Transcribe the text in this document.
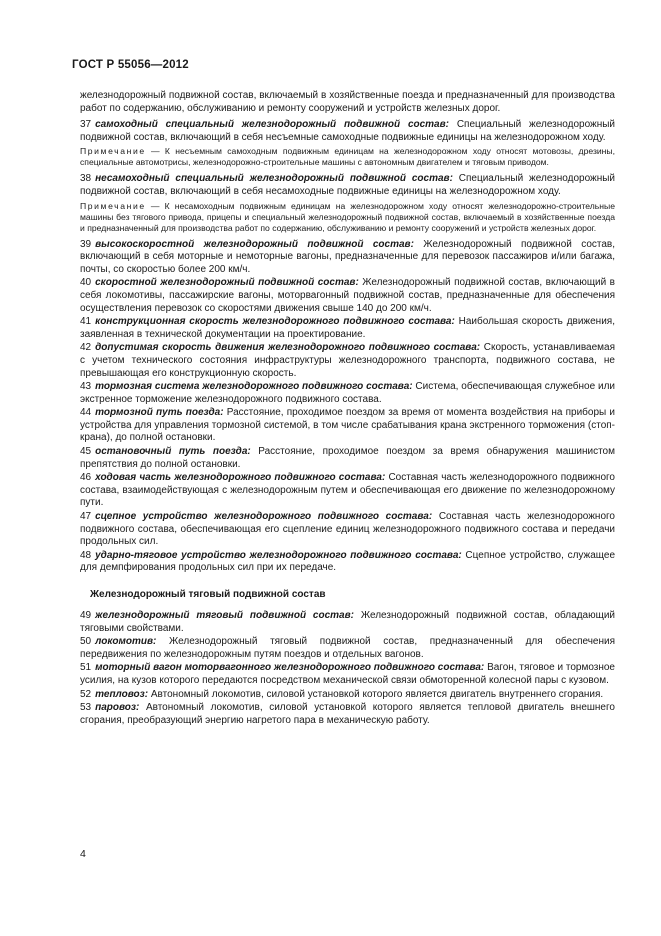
ГОСТ Р 55056—2012

железнодорожный подвижной состав, включаемый в хозяйственные поезда и предназначенный для производства работ по содержанию, обслуживанию и ремонту сооружений и устройств железных дорог.

37 самоходный специальный железнодорожный подвижной состав: Специальный железнодорожный подвижной состав, включающий в себя несъемные самоходные подвижные единицы на железнодорожном ходу.

Примечание — К несъемным самоходным подвижным единицам на железнодорожном ходу относят мотовозы, дрезины, специальные автомотрисы, железнодорожно-строительные машины с автономным двигателем и тяговым приводом.

38 несамоходный специальный железнодорожный подвижной состав: Специальный железнодорожный подвижной состав, включающий в себя несамоходные подвижные единицы на железнодорожном ходу.

Примечание — К несамоходным подвижным единицам на железнодорожном ходу относят железнодорожно-строительные машины без тягового привода, прицепы и специальный железнодорожный подвижной состав, включаемый в хозяйственные поезда и предназначенный для производства работ по содержанию, обслуживанию и ремонту сооружений и устройств железных дорог.

39 высокоскоростной железнодорожный подвижной состав: Железнодорожный подвижной состав, включающий в себя моторные и немоторные вагоны, предназначенные для перевозок пассажиров и/или багажа, почты, со скоростью более 200 км/ч.

40 скоростной железнодорожный подвижной состав: Железнодорожный подвижной состав, включающий в себя локомотивы, пассажирские вагоны, моторвагонный подвижной состав, предназначенные для обеспечения осуществления перевозок со скоростями движения свыше 140 до 200 км/ч.

41 конструкционная скорость железнодорожного подвижного состава: Наибольшая скорость движения, заявленная в технической документации на проектирование.

42 допустимая скорость движения железнодорожного подвижного состава: Скорость, устанавливаемая с учетом технического состояния инфраструктуры железнодорожного транспорта, подвижного состава, не превышающая его конструкционную скорость.

43 тормозная система железнодорожного подвижного состава: Система, обеспечивающая служебное или экстренное торможение железнодорожного подвижного состава.

44 тормозной путь поезда: Расстояние, проходимое поездом за время от момента воздействия на приборы и устройства для управления тормозной системой, в том числе срабатывания крана экстренного торможения (стоп-крана), до полной остановки.

45 остановочный путь поезда: Расстояние, проходимое поездом за время обнаружения машинистом препятствия до полной остановки.

46 ходовая часть железнодорожного подвижного состава: Составная часть железнодорожного подвижного состава, взаимодействующая с железнодорожным путем и обеспечивающая его движение по железнодорожному пути.

47 сцепное устройство железнодорожного подвижного состава: Составная часть железнодорожного подвижного состава, обеспечивающая его сцепление единиц железнодорожного подвижного состава и передачи продольных сил.

48 ударно-тяговое устройство железнодорожного подвижного состава: Сцепное устройство, служащее для демпфирования продольных сил при их передаче.

Железнодорожный тяговый подвижной состав

49 железнодорожный тяговый подвижной состав: Железнодорожный подвижной состав, обладающий тяговыми свойствами.

50 локомотив: Железнодорожный тяговый подвижной состав, предназначенный для обеспечения передвижения по железнодорожным путям поездов и отдельных вагонов.

51 моторный вагон моторвагонного железнодорожного подвижного состава: Вагон, тяговое и тормозное усилия, на кузов которого передаются посредством механической связи обмоторенной колесной пары с кузовом.

52 тепловоз: Автономный локомотив, силовой установкой которого является двигатель внутреннего сгорания.

53 паровоз: Автономный локомотив, силовой установкой которого является тепловой двигатель внешнего сгорания, преобразующий энергию нагретого пара в механическую работу.

4
